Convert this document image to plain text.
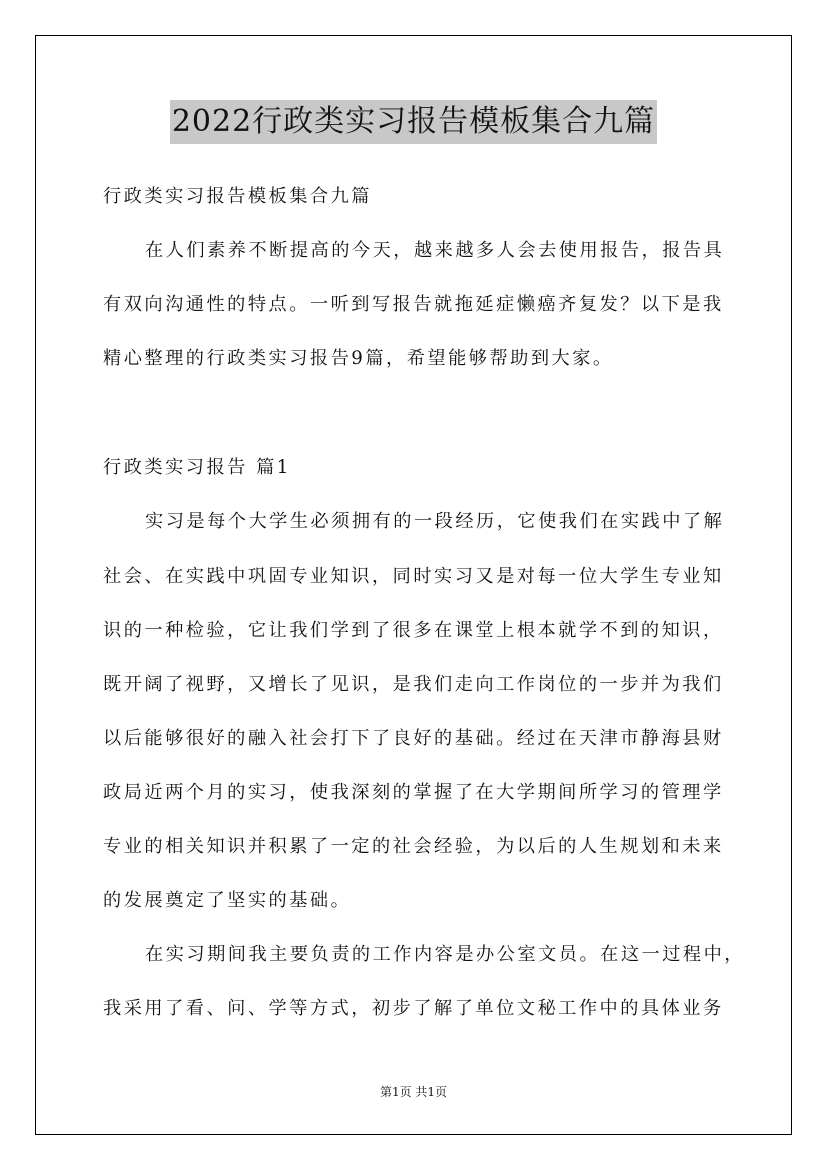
2022行政类实习报告模板集合九篇
行政类实习报告模板集合九篇
在人们素养不断提高的今天，越来越多人会去使用报告，报告具
有双向沟通性的特点。一听到写报告就拖延症懒癌齐复发？以下是我
精心整理的行政类实习报告9篇，希望能够帮助到大家。
行政类实习报告 篇1
实习是每个大学生必须拥有的一段经历，它使我们在实践中了解
社会、在实践中巩固专业知识，同时实习又是对每一位大学生专业知
识的一种检验，它让我们学到了很多在课堂上根本就学不到的知识，
既开阔了视野，又增长了见识，是我们走向工作岗位的一步并为我们
以后能够很好的融入社会打下了良好的基础。经过在天津市静海县财
政局近两个月的实习，使我深刻的掌握了在大学期间所学习的管理学
专业的相关知识并积累了一定的社会经验，为以后的人生规划和未来
的发展奠定了坚实的基础。
在实习期间我主要负责的工作内容是办公室文员。在这一过程中，
我采用了看、问、学等方式，初步了解了单位文秘工作中的具体业务
第1页 共1页
